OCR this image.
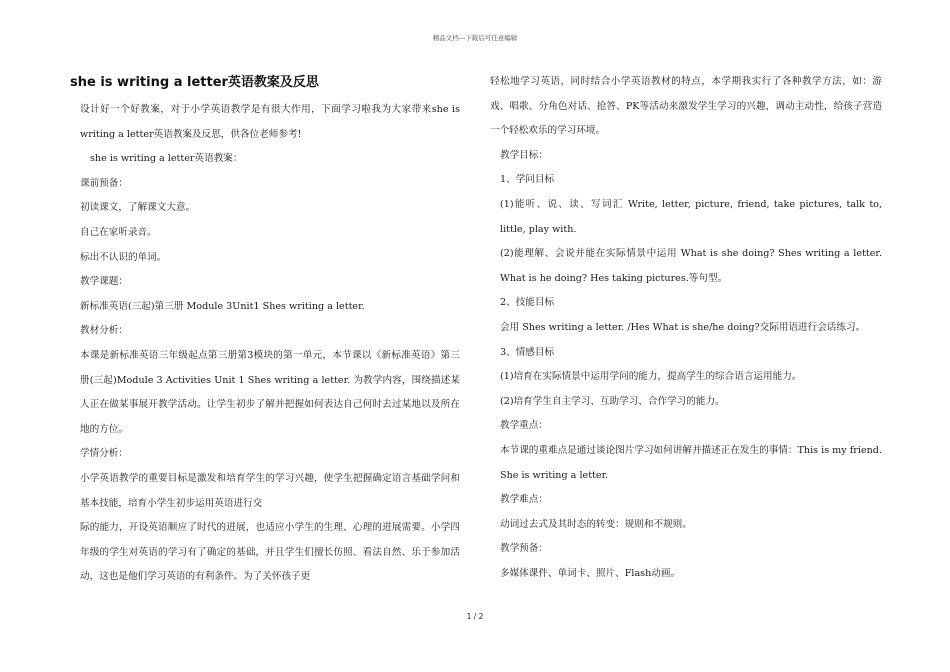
精品文档---下载后可任意编辑
she is writing a letter英语教案及反思

设计好一个好教案，对于小学英语教学是有很大作用，下面学习啦我为大家带来she is writing a letter英语教案及反思，供各位老师参考!

she is writing a letter英语教案：

课前预备：

初读课文，了解课文大意。

自己在家听录音。

标出不认识的单词。

教学课题：

新标准英语(三起)第三册 Module 3Unit1 Shes writing a letter.

教材分析：

本课是新标准英语三年级起点第三册第3模块的第一单元，本节课以《新标准英语》第三册(三起)Module 3 Activities Unit 1 Shes writing a letter. 为教学内容，围绕描述某人正在做某事展开教学活动。让学生初步了解并把握如何表达自己何时去过某地以及所在地的方位。

学情分析：

小学英语教学的重要目标是激发和培育学生的学习兴趣，使学生把握确定语言基础学问和基本技能，培育小学生初步运用英语进行交

际的能力，开设英语顺应了时代的进展，也适应小学生的生理、心理的进展需要。小学四年级的学生对英语的学习有了确定的基础，并且学生们擅长仿照、看法自然、乐于参加活动，这也是他们学习英语的有利条件。为了关怀孩子更

轻松地学习英语，同时结合小学英语教材的特点，本学期我实行了各种教学方法，如：游戏、唱歌、分角色对话、抢答、PK等活动来激发学生学习的兴趣，调动主动性，给孩子营造一个轻松欢乐的学习环境。

教学目标：

1、学问目标

(1)能听、说、读、写词汇 Write, letter, picture, friend, take pictures, talk to, little, play with.

(2)能理解、会说并能在实际情景中运用 What is she doing? Shes writing a letter. What is he doing? Hes taking pictures.等句型。

2、技能目标

会用 Shes writing a letter. /Hes What is she/he doing?交际用语进行会话练习。

3、情感目标

(1)培育在实际情景中运用学问的能力，提高学生的综合语言运用能力。

(2)培育学生自主学习、互助学习、合作学习的能力。

教学重点：

本节课的重难点是通过谈论图片学习如何讲解并描述正在发生的事情：This is my friend. She is writing a letter.

教学难点：

动词过去式及其时态的转变：规则和不规则。

教学预备：

多媒体课件、单词卡、照片、Flash动画。

1 / 2
